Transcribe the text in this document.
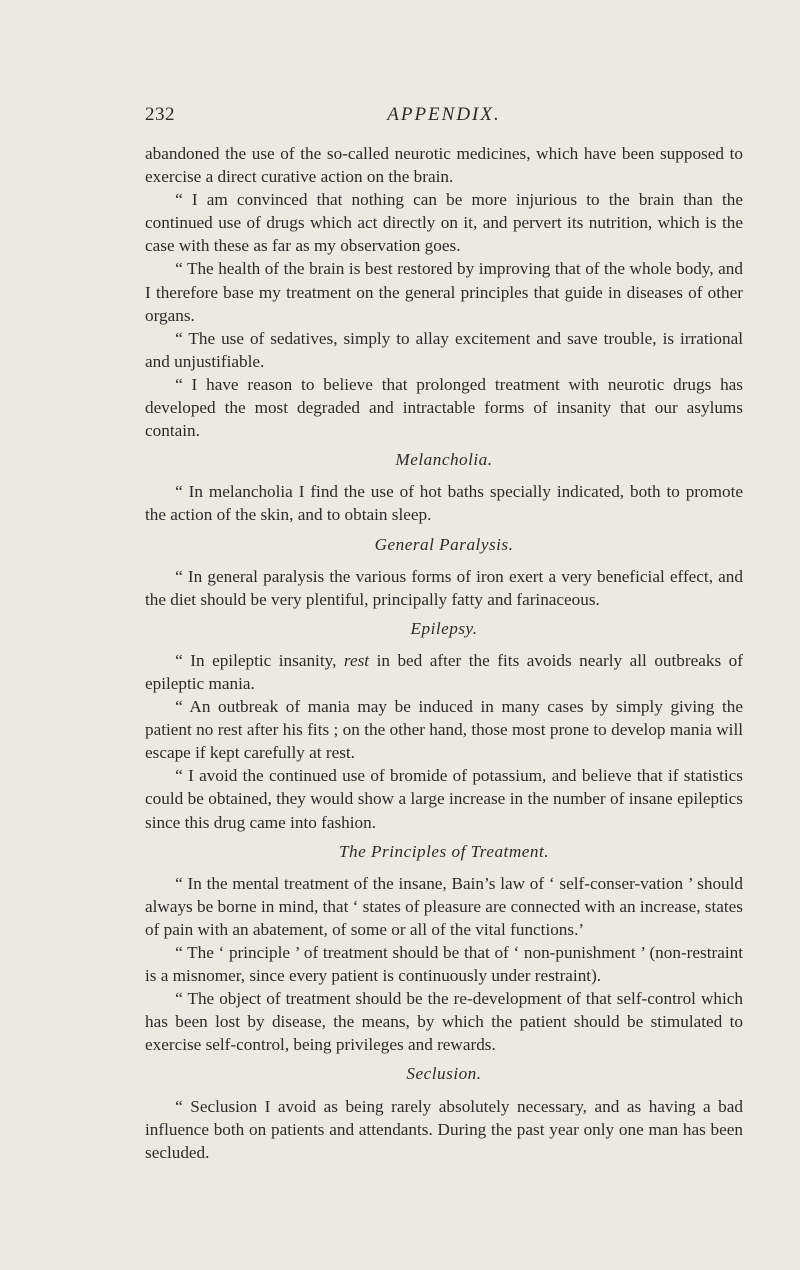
232	APPENDIX.

abandoned the use of the so-called neurotic medicines, which have been supposed to exercise a direct curative action on the brain.

“ I am convinced that nothing can be more injurious to the brain than the continued use of drugs which act directly on it, and pervert its nutrition, which is the case with these as far as my observation goes.

“ The health of the brain is best restored by improving that of the whole body, and I therefore base my treatment on the general principles that guide in diseases of other organs.

“ The use of sedatives, simply to allay excitement and save trouble, is irrational and unjustifiable.

“ I have reason to believe that prolonged treatment with neurotic drugs has developed the most degraded and intractable forms of insanity that our asylums contain.

Melancholia.

“ In melancholia I find the use of hot baths specially indicated, both to promote the action of the skin, and to obtain sleep.

General Paralysis.

“ In general paralysis the various forms of iron exert a very beneficial effect, and the diet should be very plentiful, principally fatty and farinaceous.

Epilepsy.

“ In epileptic insanity, rest in bed after the fits avoids nearly all outbreaks of epileptic mania.

“ An outbreak of mania may be induced in many cases by simply giving the patient no rest after his fits ; on the other hand, those most prone to develop mania will escape if kept carefully at rest.

“ I avoid the continued use of bromide of potassium, and believe that if statistics could be obtained, they would show a large increase in the number of insane epileptics since this drug came into fashion.

The Principles of Treatment.

“ In the mental treatment of the insane, Bain’s law of ‘ self-conser-vation ’ should always be borne in mind, that ‘ states of pleasure are connected with an increase, states of pain with an abatement, of some or all of the vital functions.’

“ The ‘ principle ’ of treatment should be that of ‘ non-punishment ’ (non-restraint is a misnomer, since every patient is continuously under restraint).

“ The object of treatment should be the re-development of that self-control which has been lost by disease, the means, by which the patient should be stimulated to exercise self-control, being privileges and rewards.

Seclusion.

“ Seclusion I avoid as being rarely absolutely necessary, and as having a bad influence both on patients and attendants. During the past year only one man has been secluded.
